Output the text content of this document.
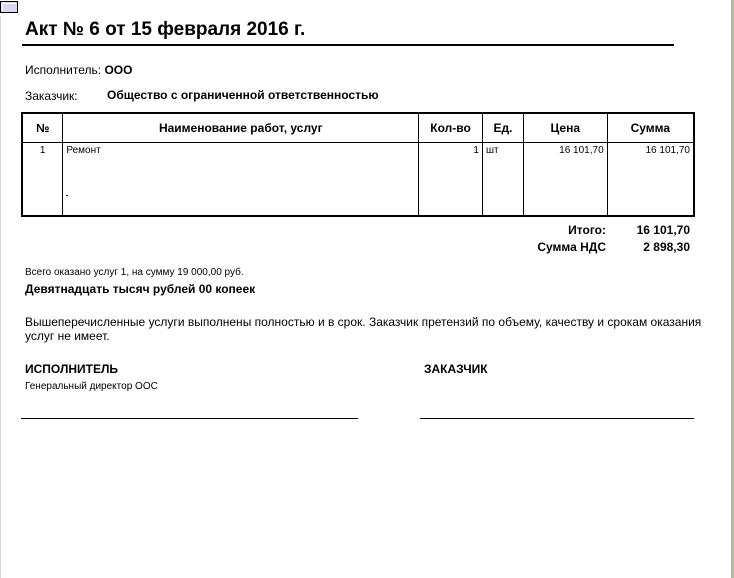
Акт № 6 от 15 февраля 2016 г.
Исполнитель: ООО
Заказчик: Общество с ограниченной ответственностью
№	Наименование работ, услуг	Кол-во	Ед.	Цена	Сумма
1	Ремонт	1	шт	16 101,70	16 101,70
Итого:	16 101,70
Сумма НДС	2 898,30
Всего оказано услуг 1, на сумму 19 000,00 руб.
Девятнадцать тысяч рублей 00 копеек
Вышеперечисленные услуги выполнены полностью и в срок. Заказчик претензий по объему, качеству и срокам оказания услуг не имеет.
ИСПОЛНИТЕЛЬ
Генеральный директор ООС
ЗАКАЗЧИК
